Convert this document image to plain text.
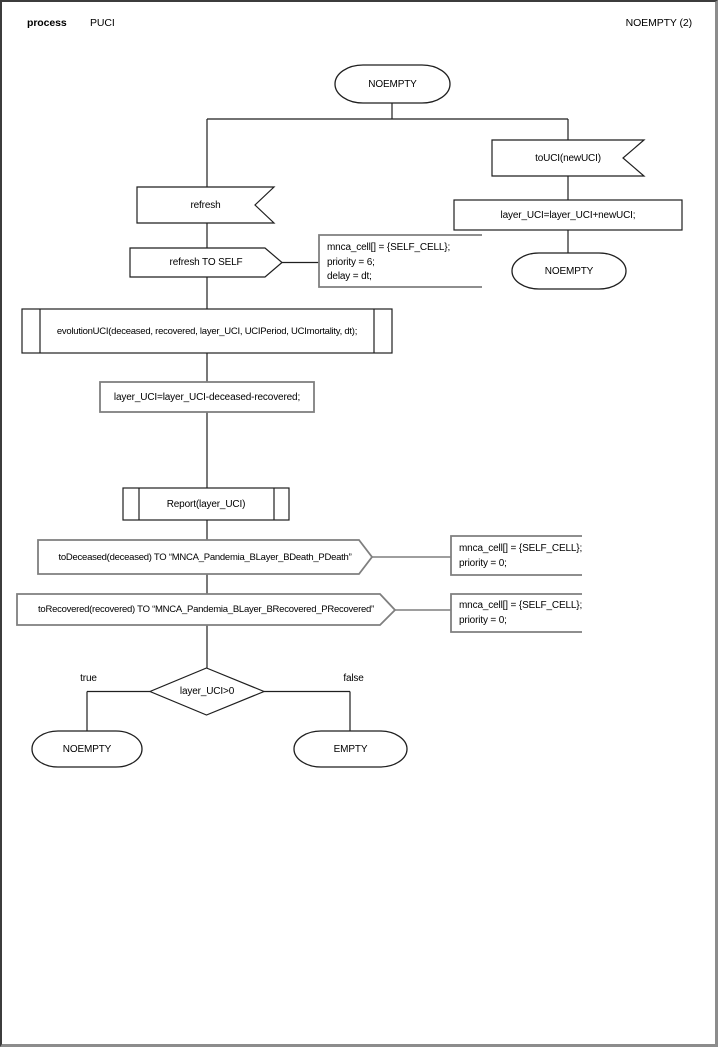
process PUCI	NOEMPTY (2)
NOEMPTY
toUCI(newUCI)
layer_UCI=layer_UCI+newUCI;
NOEMPTY
refresh
refresh TO SELF
mnca_cell[] = {SELF_CELL};
priority = 6;
delay = dt;
evolutionUCI(deceased, recovered, layer_UCI, UCIPeriod, UCImortality, dt);
layer_UCI=layer_UCI-deceased-recovered;
Report(layer_UCI)
toDeceased(deceased) TO “MNCA_Pandemia_BLayer_BDeath_PDeath”
mnca_cell[] = {SELF_CELL};
priority = 0;
toRecovered(recovered) TO “MNCA_Pandemia_BLayer_BRecovered_PRecovered”	mnca_cell[] = {SELF_CELL};
priority = 0;
layer_UCI>0
true	false
NOEMPTY	EMPTY
